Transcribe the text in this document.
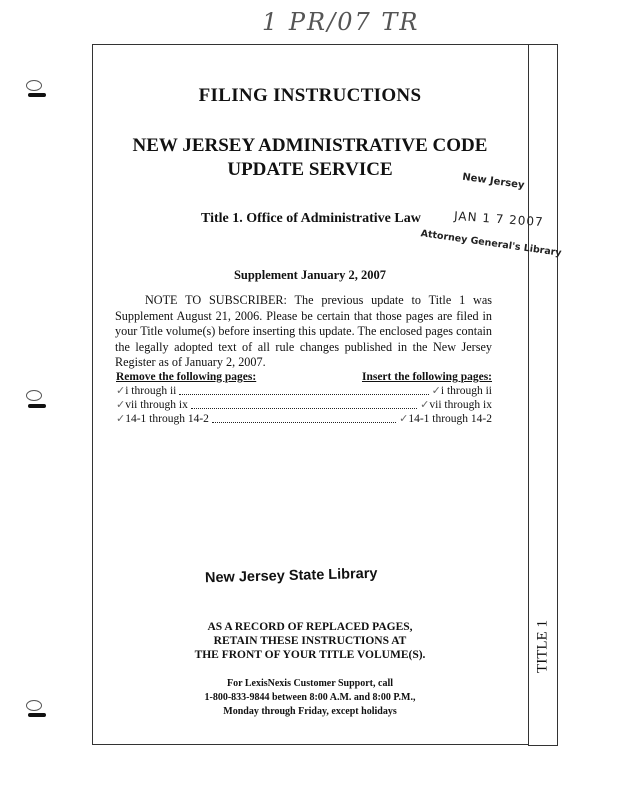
1 PR/07 TR
TITLE 1
FILING INSTRUCTIONS
NEW JERSEY ADMINISTRATIVE CODE
UPDATE SERVICE
New Jersey
JAN 1 7 2007
Attorney General's Library
Title 1. Office of Administrative Law
Supplement January 2, 2007
NOTE TO SUBSCRIBER: The previous update to Title 1 was Supplement August 21, 2006. Please be certain that those pages are filed in your Title volume(s) before inserting this update. The enclosed pages contain the legally adopted text of all rule changes published in the New Jersey Register as of January 2, 2007.
Remove the following pages:	Insert the following pages:
✓ i through ii	✓ i through ii
✓ vii through ix	✓ vii through ix
✓ 14-1 through 14-2	✓ 14-1 through 14-2
New Jersey State Library
AS A RECORD OF REPLACED PAGES,
RETAIN THESE INSTRUCTIONS AT
THE FRONT OF YOUR TITLE VOLUME(S).
For LexisNexis Customer Support, call
1-800-833-9844 between 8:00 A.M. and 8:00 P.M.,
Monday through Friday, except holidays
